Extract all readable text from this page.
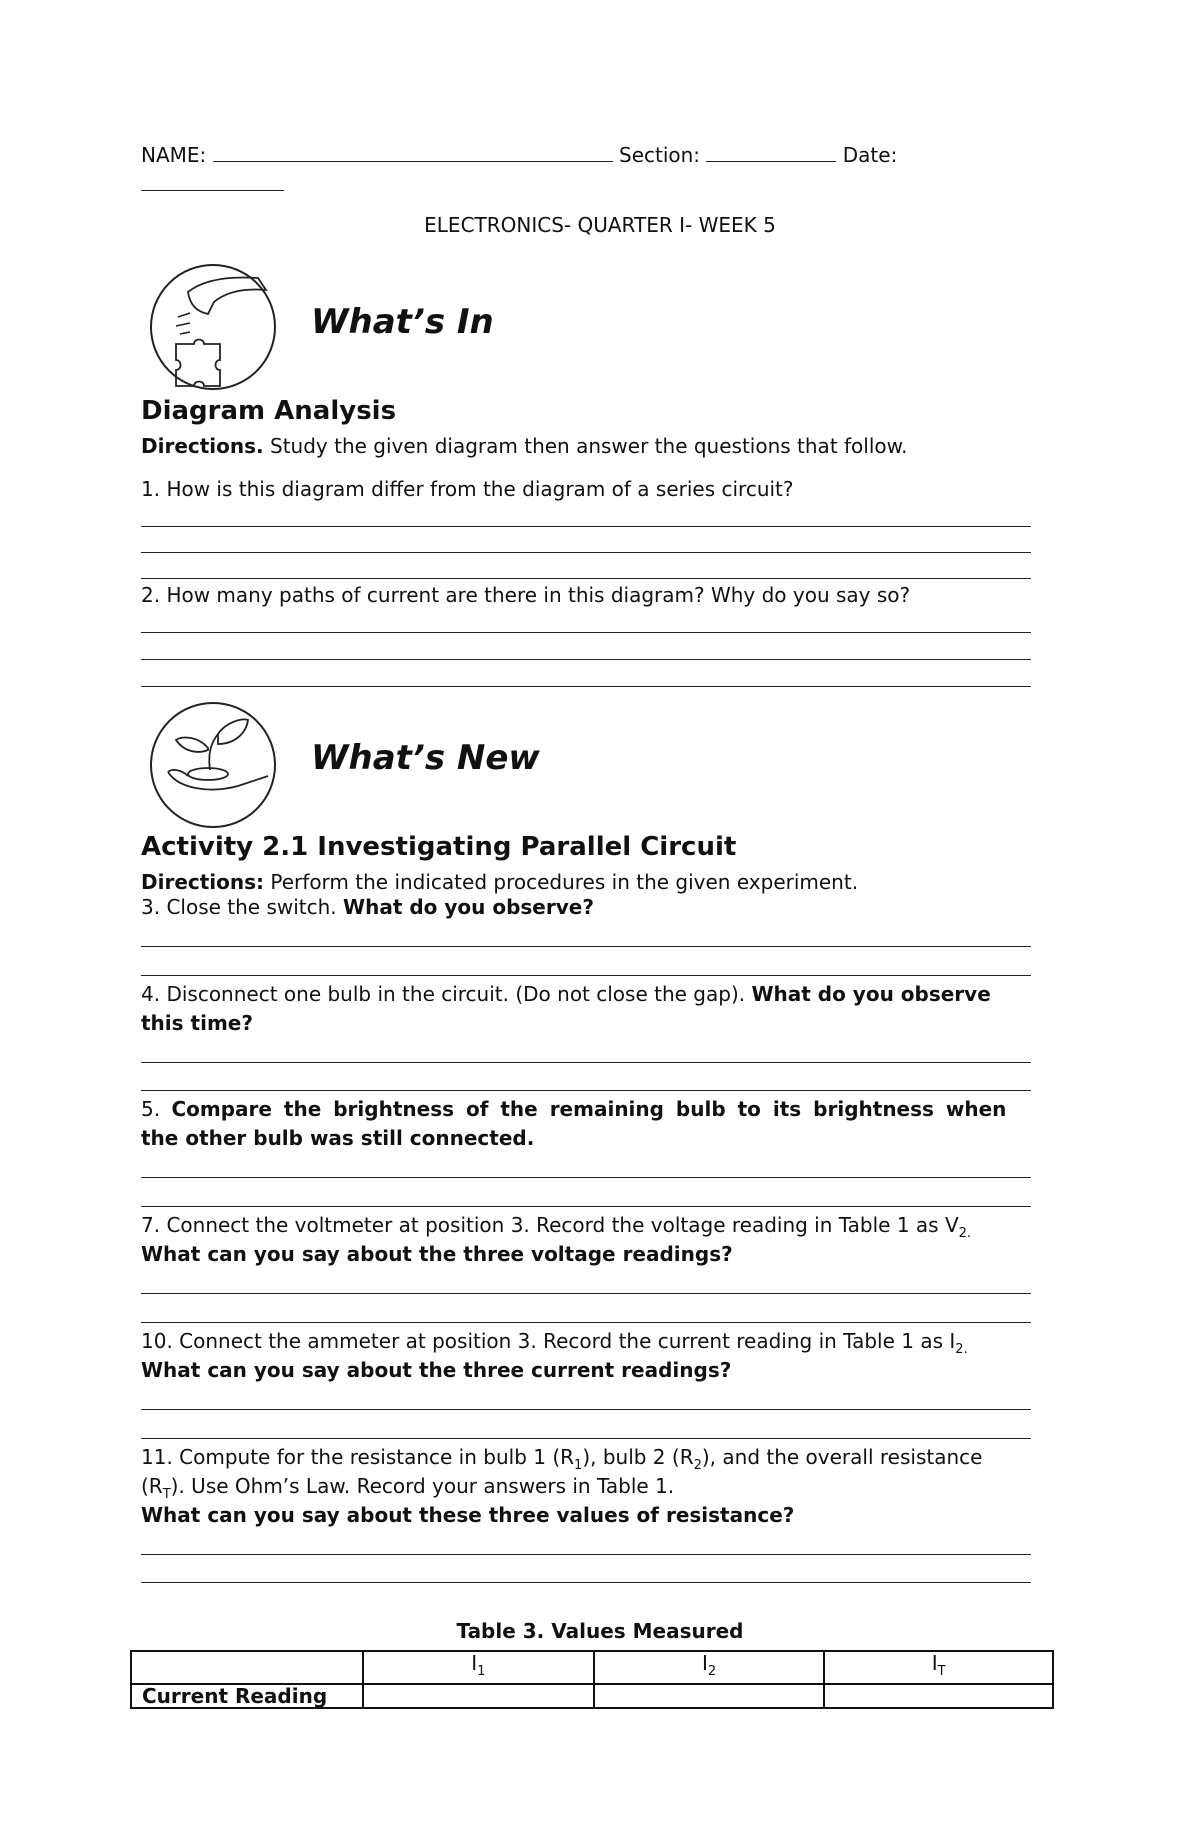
NAME:	Section:	Date:
ELECTRONICS- QUARTER I- WEEK 5
What’s In
Diagram Analysis
Directions. Study the given diagram then answer the questions that follow.
1. How is this diagram differ from the diagram of a series circuit?
2. How many paths of current are there in this diagram? Why do you say so?
What’s New
Activity 2.1 Investigating Parallel Circuit
Directions: Perform the indicated procedures in the given experiment.
3. Close the switch. What do you observe?
4. Disconnect one bulb in the circuit. (Do not close the gap). What do you observe
this time?
5. Compare the brightness of the remaining bulb to its brightness when
the other bulb was still connected.
7. Connect the voltmeter at position 3. Record the voltage reading in Table 1 as $V_{2.}$
What can you say about the three voltage readings?
10. Connect the ammeter at position 3. Record the current reading in Table 1 as $I_{2.}$
What can you say about the three current readings?
11. Compute for the resistance in bulb 1 $(R_1)$, bulb 2 $(R_2)$, and the overall resistance
$(R_T)$. Use Ohm’s Law. Record your answers in Table 1.
What can you say about these three values of resistance?
Table 3. Values Measured
	$I_1$	$I_2$	$I_T$
Current Reading			
